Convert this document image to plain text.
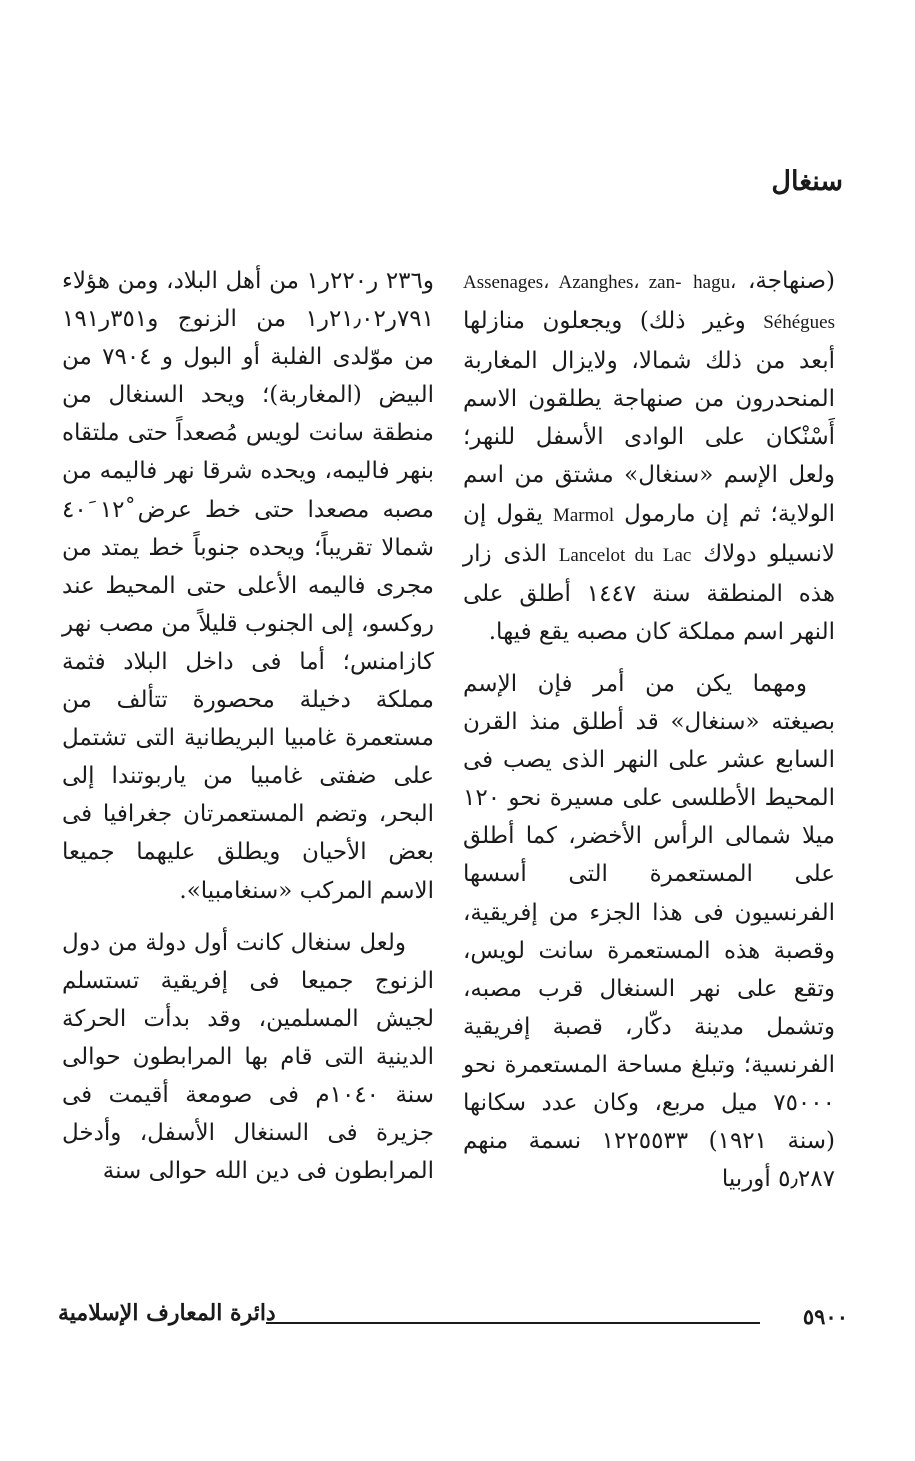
سنغال

(صنهاجة، Assenages، Azanghes، zan- hagu، Séhégues وغير ذلك) ويجعلون منازلها أبعد من ذلك شمالا، ولايزال المغاربة المنحدرون من صنهاجة يطلقون الاسم أَسْنْكان على الوادى الأسفل للنهر؛ ولعل الإسم «سنغال» مشتق من اسم الولاية؛ ثم إن مارمول Marmol يقول إن لانسيلو دولاك Lancelot du Lac الذى زار هذه المنطقة سنة ١٤٤٧ أطلق على النهر اسم مملكة كان مصبه يقع فيها.

ومهما يكن من أمر فإن الإسم بصيغته «سنغال» قد أطلق منذ القرن السابع عشر على النهر الذى يصب فى المحيط الأطلسى على مسيرة نحو ١٢٠ ميلا شمالى الرأس الأخضر، كما أطلق على المستعمرة التى أسسها الفرنسيون فى هذا الجزء من إفريقية، وقصبة هذه المستعمرة سانت لويس، وتقع على نهر السنغال قرب مصبه، وتشمل مدينة دكّار، قصبة إفريقية الفرنسية؛ وتبلغ مساحة المستعمرة نحو ٧٥٠٠٠ ميل مربع، وكان عدد سكانها (سنة ١٩٢١) ١٢٢٥٥٣٣ نسمة منهم ٥٫٢٨٧ أوربيا

و٢٣٦ ر٢٢٠ر١ من أهل البلاد، ومن هؤلاء ٧٩١ر٢١٫٠٢ر١ من الزنوج و٣٥١ر١٩١ من موّلدى الفلبة أو البول و ٧٩٠٤ من البيض (المغاربة)؛ ويحد السنغال من منطقة سانت لويس مُصعداً حتى ملتقاه بنهر فاليمه، ويحده شرقا نهر فاليمه من مصبه مصعدا حتى خط عرض ١٢ْ ٤٠َ شمالا تقريباً؛ ويحده جنوباً خط يمتد من مجرى فاليمه الأعلى حتى المحيط عند روكسو، إلى الجنوب قليلاً من مصب نهر كازامنس؛ أما فى داخل البلاد فثمة مملكة دخيلة محصورة تتألف من مستعمرة غامبيا البريطانية التى تشتمل على ضفتى غامبيا من ياربوتندا إلى البحر، وتضم المستعمرتان جغرافيا فى بعض الأحيان ويطلق عليهما جميعا الاسم المركب «سنغامبيا».

ولعل سنغال كانت أول دولة من دول الزنوج جميعا فى إفريقية تستسلم لجيش المسلمين، وقد بدأت الحركة الدينية التى قام بها المرابطون حوالى سنة ١٠٤٠م فى صومعة أقيمت فى جزيرة فى السنغال الأسفل، وأدخل المرابطون فى دين الله حوالى سنة

دائرة المعارف الإسلامية	٥٩٠٠
